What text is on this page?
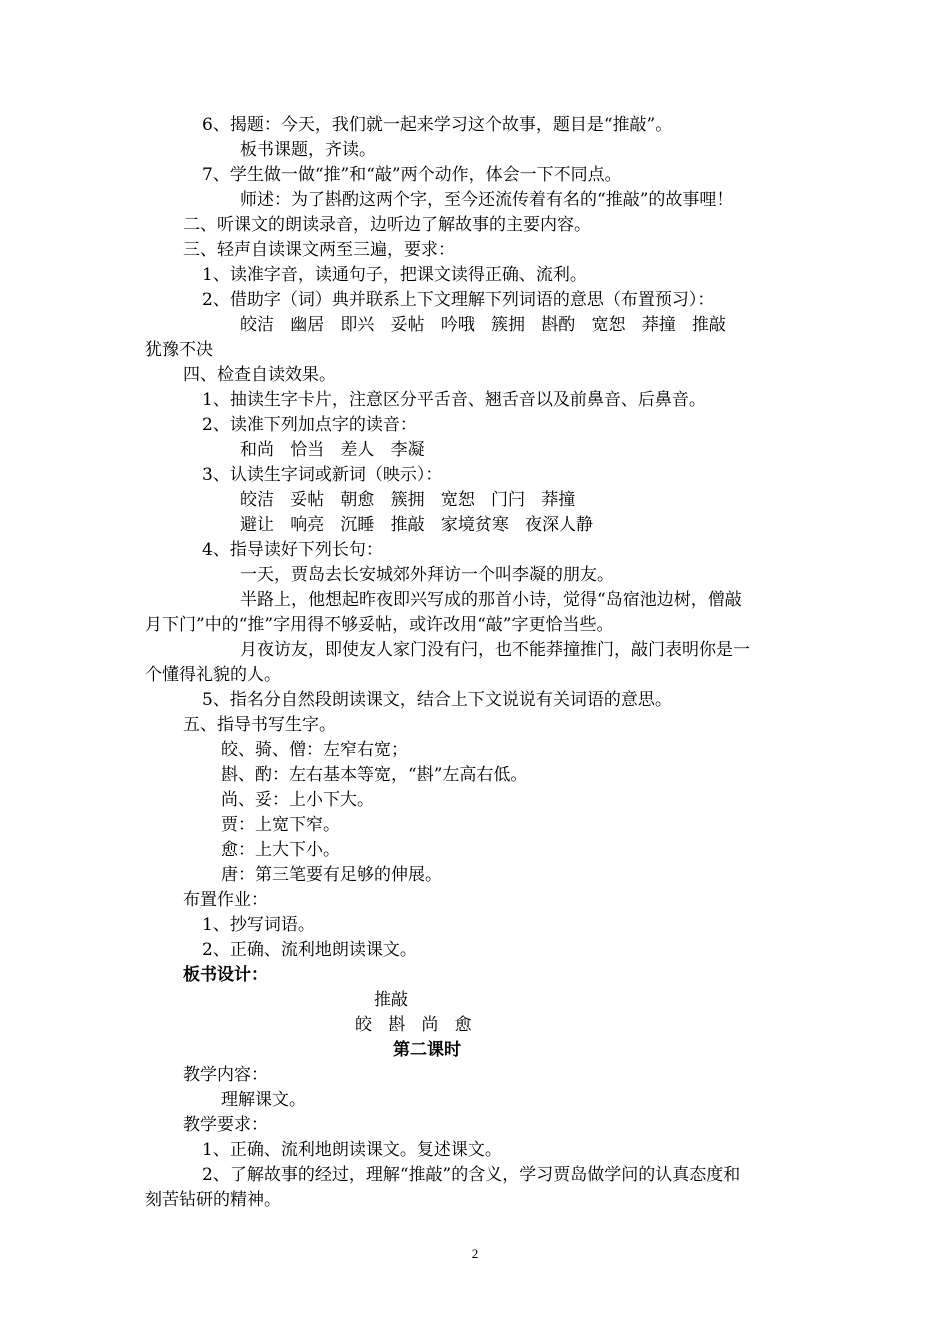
6、揭题：今天，我们就一起来学习这个故事，题目是“推敲”。
板书课题，齐读。
7、学生做一做“推”和“敲”两个动作，体会一下不同点。
师述：为了斟酌这两个字，至今还流传着有名的“推敲”的故事哩！
二、听课文的朗读录音，边听边了解故事的主要内容。
三、轻声自读课文两至三遍，要求：
1、读准字音，读通句子，把课文读得正确、流利。
2、借助字（词）典并联系上下文理解下列词语的意思（布置预习）：
皎洁   幽居   即兴   妥帖   吟哦   簇拥   斟酌   宽恕   莽撞   推敲
犹豫不决
四、检查自读效果。
1、抽读生字卡片，注意区分平舌音、翘舌音以及前鼻音、后鼻音。
2、读准下列加点字的读音：
和尚   恰当   差人   李凝
3、认读生字词或新词（映示）：
皎洁   妥帖   朝愈   簇拥   宽恕   门闩   莽撞
避让   响亮   沉睡   推敲   家境贫寒   夜深人静
4、指导读好下列长句：
一天，贾岛去长安城郊外拜访一个叫李凝的朋友。
半路上，他想起昨夜即兴写成的那首小诗，觉得“岛宿池边树，僧敲
月下门”中的“推”字用得不够妥帖，或许改用“敲”字更恰当些。
月夜访友，即使友人家门没有闩，也不能莽撞推门，敲门表明你是一
个懂得礼貌的人。
5、指名分自然段朗读课文，结合上下文说说有关词语的意思。
五、指导书写生字。
皎、骑、僧：左窄右宽；
斟、酌：左右基本等宽，“斟”左高右低。
尚、妥：上小下大。
贾：上宽下窄。
愈：上大下小。
唐：第三笔要有足够的伸展。
布置作业：
1、抄写词语。
2、正确、流利地朗读课文。
板书设计：
推敲
皎   斟   尚   愈
第二课时
教学内容：
理解课文。
教学要求：
1、正确、流利地朗读课文。复述课文。
2、了解故事的经过，理解“推敲”的含义，学习贾岛做学问的认真态度和
刻苦钻研的精神。
2
